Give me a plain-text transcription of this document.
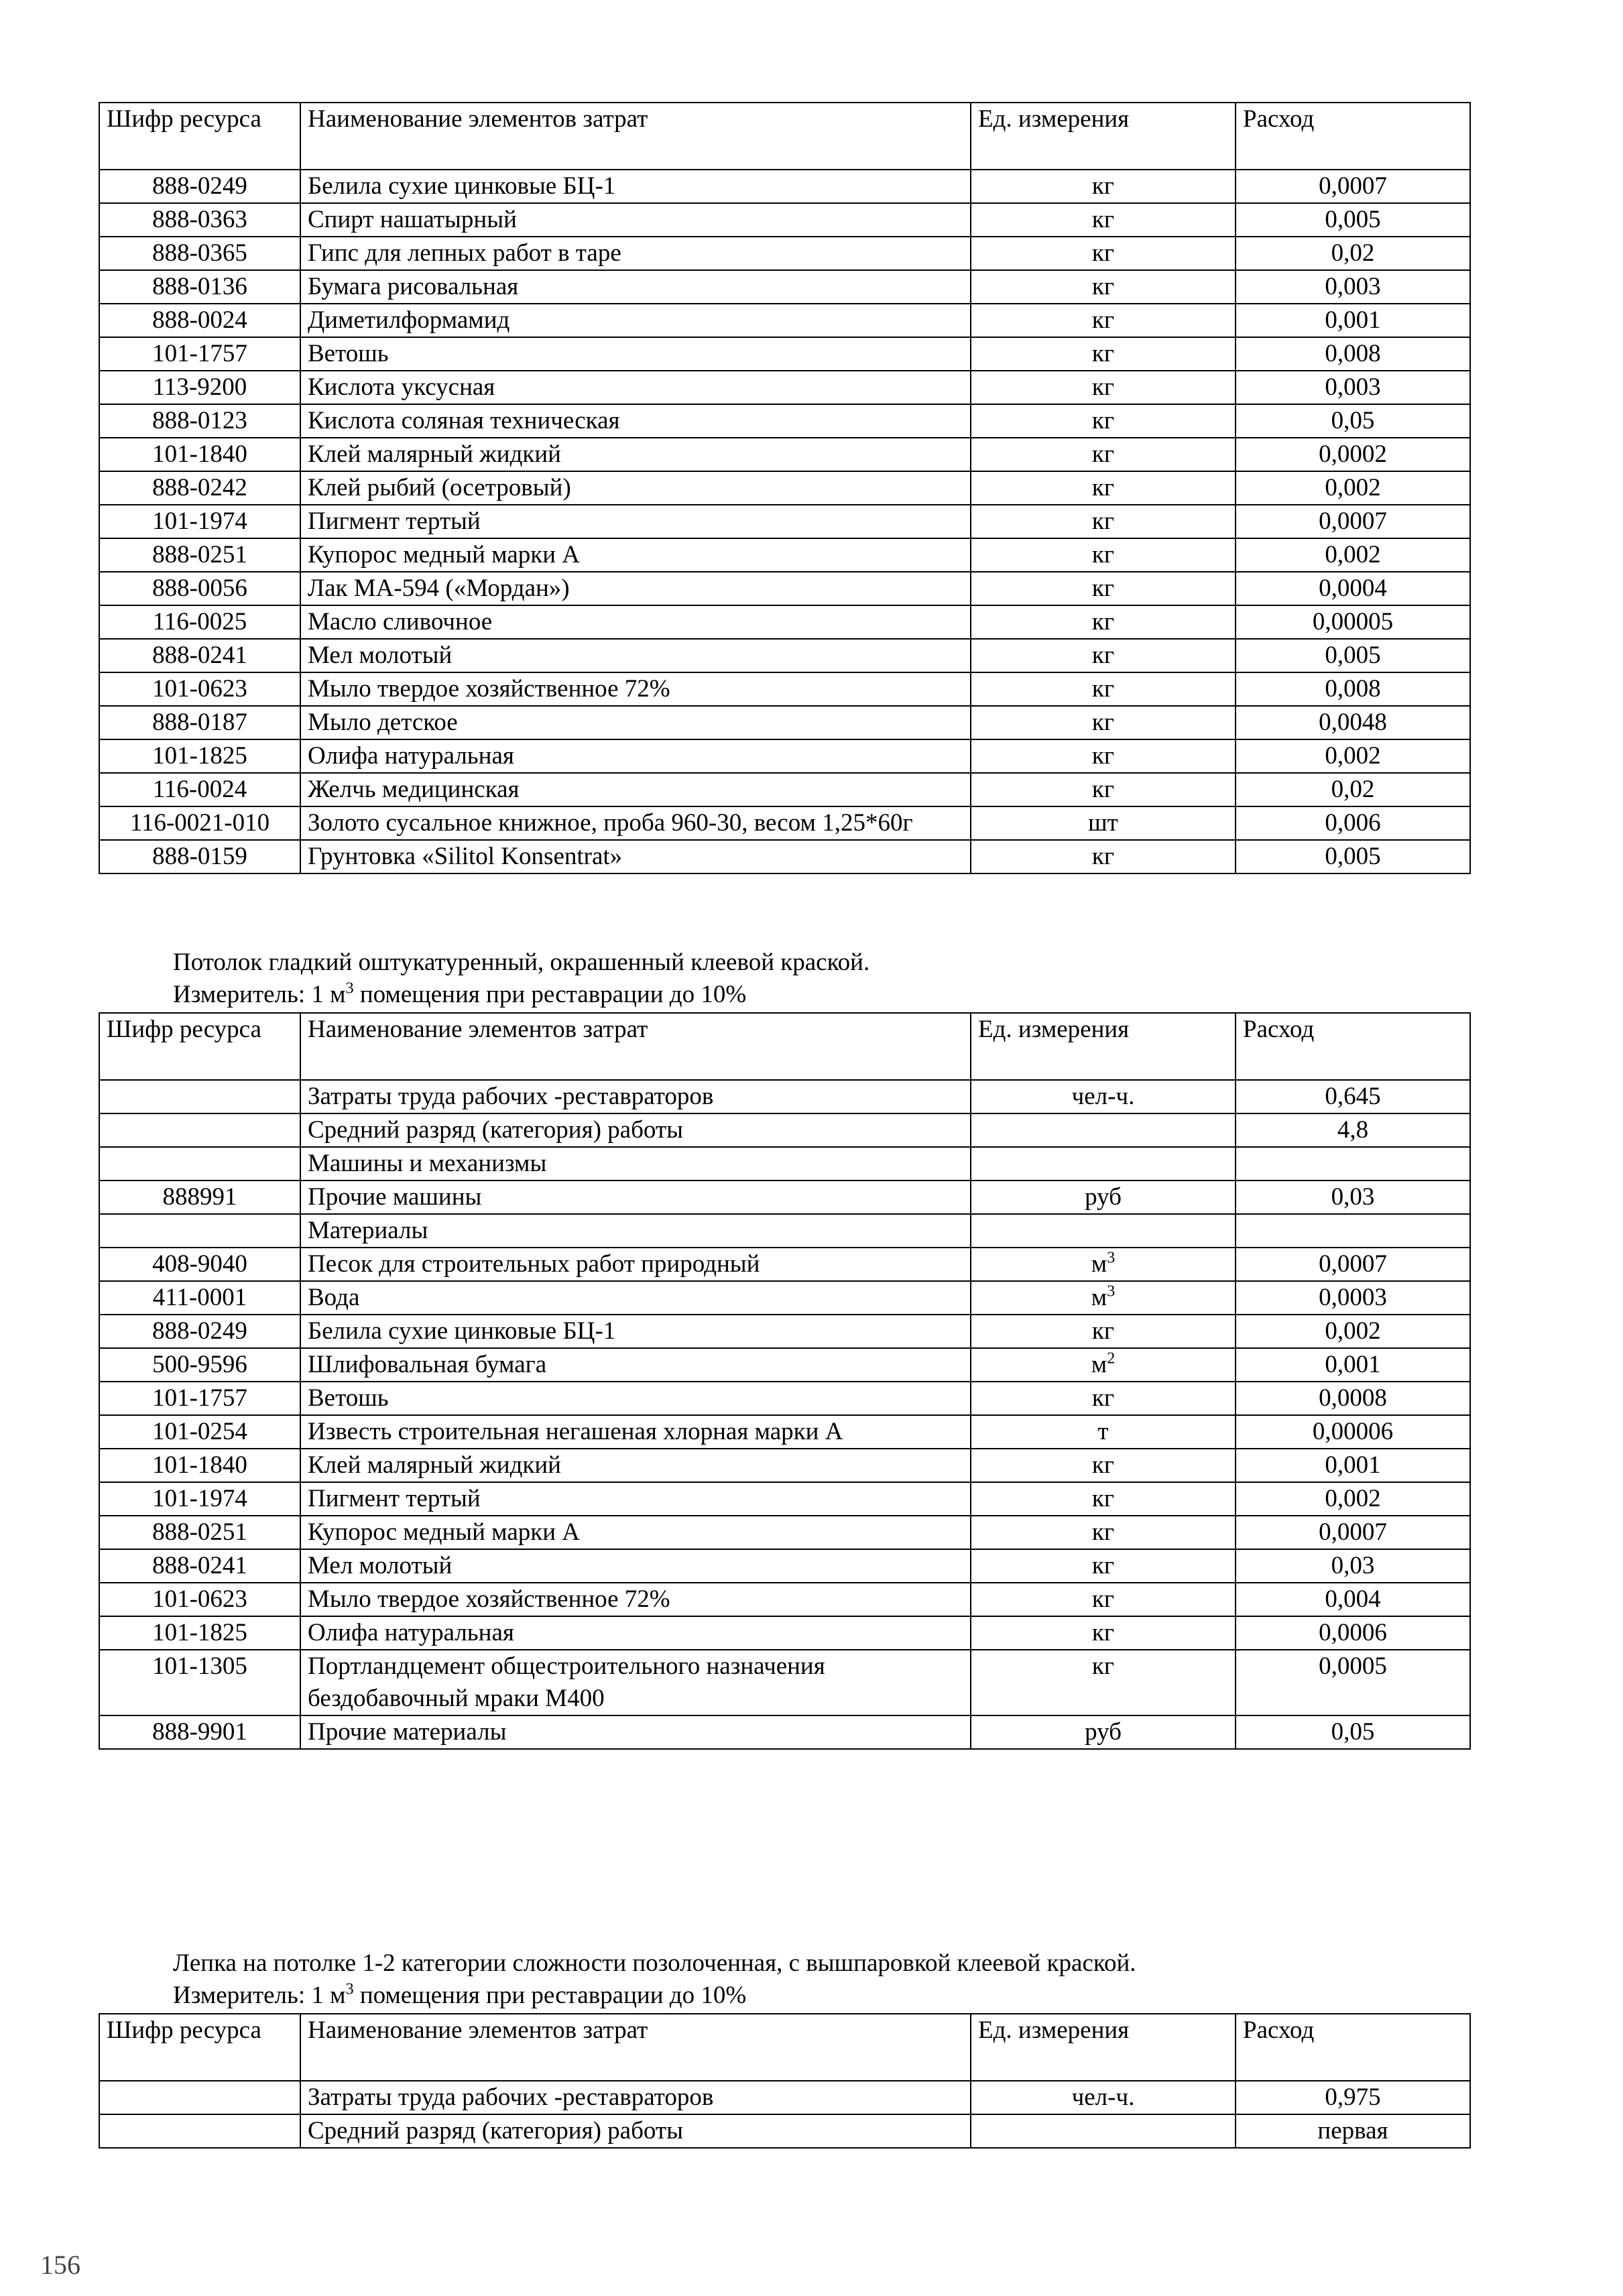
Шифр ресурса	Наименование элементов затрат	Ед. измерения	Расход
888-0249	Белила сухие цинковые БЦ-1	кг	0,0007
888-0363	Спирт нашатырный	кг	0,005
888-0365	Гипс для лепных работ в таре	кг	0,02
888-0136	Бумага рисовальная	кг	0,003
888-0024	Диметилформамид	кг	0,001
101-1757	Ветошь	кг	0,008
113-9200	Кислота уксусная	кг	0,003
888-0123	Кислота соляная техническая	кг	0,05
101-1840	Клей малярный жидкий	кг	0,0002
888-0242	Клей рыбий (осетровый)	кг	0,002
101-1974	Пигмент тертый	кг	0,0007
888-0251	Купорос медный марки А	кг	0,002
888-0056	Лак МА-594 («Мордан»)	кг	0,0004
116-0025	Масло сливочное	кг	0,00005
888-0241	Мел молотый	кг	0,005
101-0623	Мыло твердое хозяйственное 72%	кг	0,008
888-0187	Мыло детское	кг	0,0048
101-1825	Олифа натуральная	кг	0,002
116-0024	Желчь медицинская	кг	0,02
116-0021-010	Золото сусальное книжное, проба 960-30, весом 1,25*60г	шт	0,006
888-0159	Грунтовка «Silitol Konsentrat»	кг	0,005
Потолок гладкий оштукатуренный, окрашенный клеевой краской.
Измеритель: 1 $м^3$ помещения при реставрации до 10%
Шифр ресурса	Наименование элементов затрат	Ед. измерения	Расход
	Затраты труда рабочих -реставраторов	чел-ч.	0,645
	Средний разряд (категория) работы		4,8
	Машины и механизмы		
888991	Прочие машины	руб	0,03
	Материалы		
408-9040	Песок для строительных работ природный	$м^3$	0,0007
411-0001	Вода	$м^3$	0,0003
888-0249	Белила сухие цинковые БЦ-1	кг	0,002
500-9596	Шлифовальная бумага	$м^2$	0,001
101-1757	Ветошь	кг	0,0008
101-0254	Известь строительная негашеная хлорная марки А	т	0,00006
101-1840	Клей малярный жидкий	кг	0,001
101-1974	Пигмент тертый	кг	0,002
888-0251	Купорос медный марки А	кг	0,0007
888-0241	Мел молотый	кг	0,03
101-0623	Мыло твердое хозяйственное 72%	кг	0,004
101-1825	Олифа натуральная	кг	0,0006
101-1305	Портландцемент общестроительного назначения бездобавочный мраки М400	кг	0,0005
888-9901	Прочие материалы	руб	0,05
Лепка на потолке 1-2 категории сложности позолоченная, с вышпаровкой клеевой краской.
Измеритель: 1 $м^3$ помещения при реставрации до 10%
Шифр ресурса	Наименование элементов затрат	Ед. измерения	Расход
	Затраты труда рабочих -реставраторов	чел-ч.	0,975
	Средний разряд (категория) работы		первая
156
